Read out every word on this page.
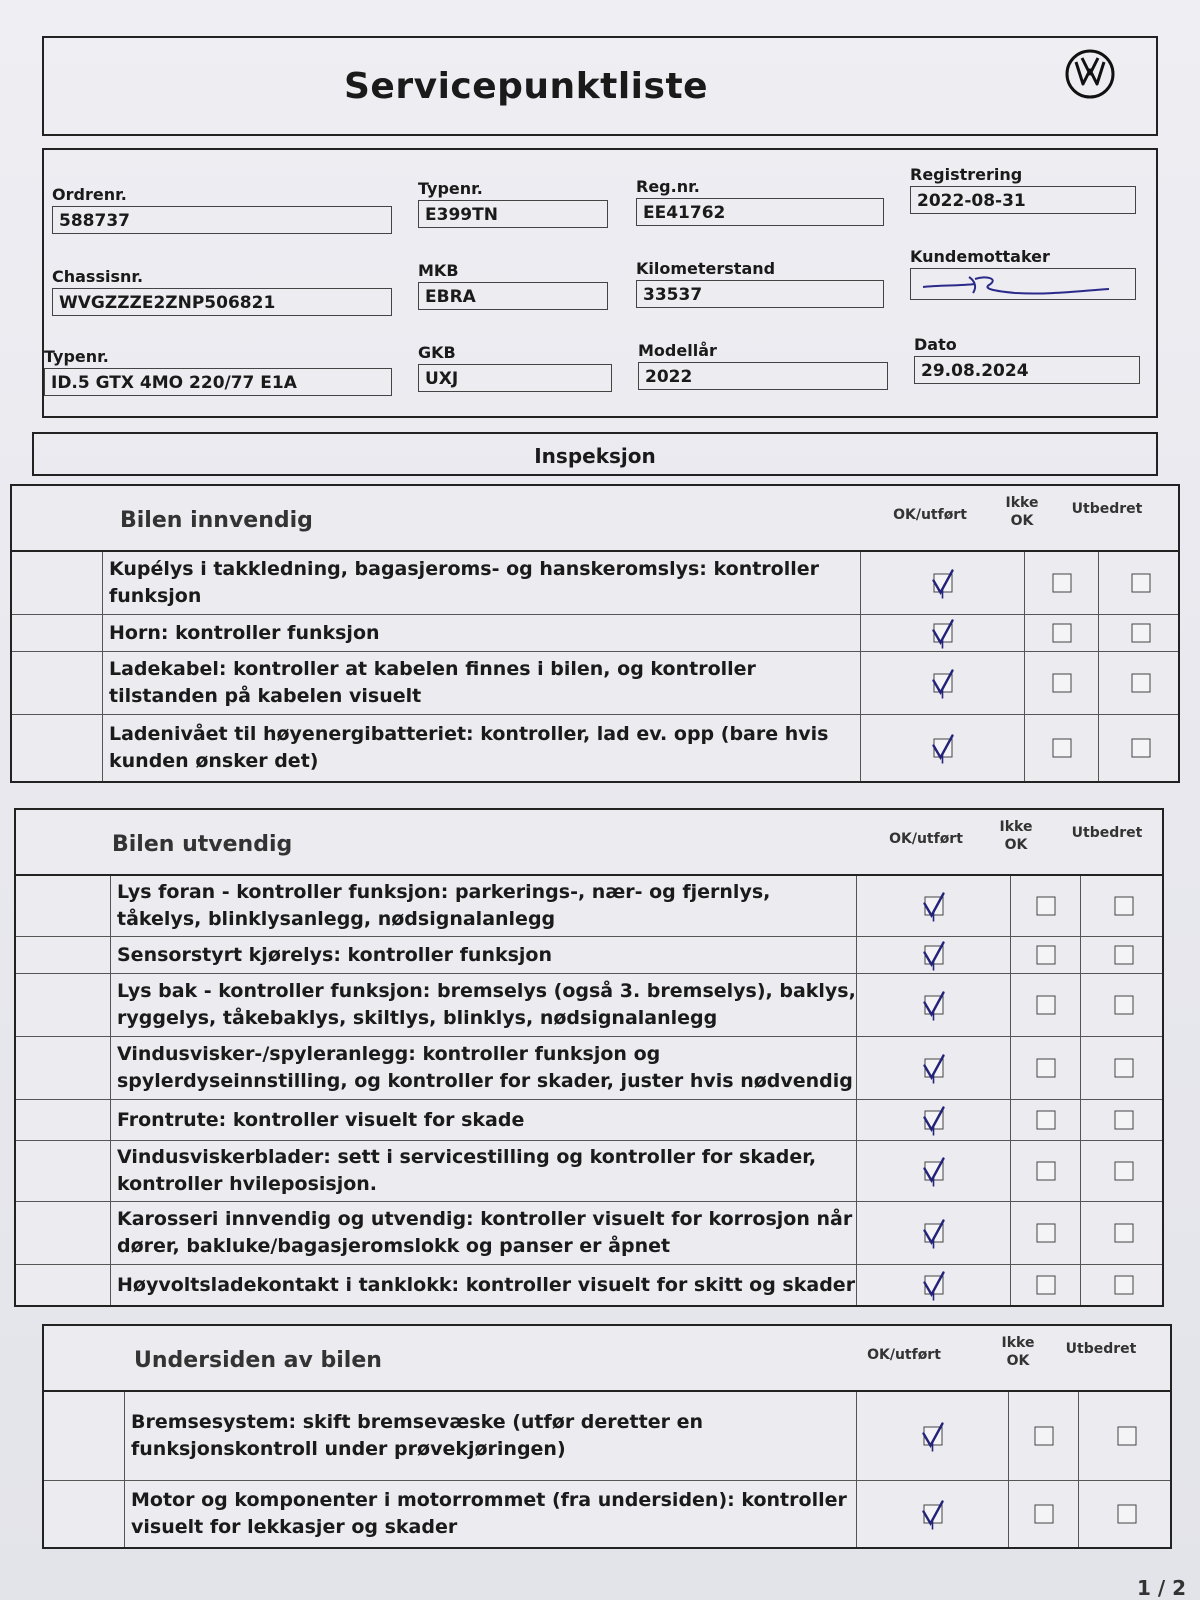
Servicepunktliste
Ordrenr.
588737
Typenr.
E399TN
Reg.nr.
EE41762
Registrering
2022-08-31
Chassisnr.
WVGZZZE2ZNP506821
MKB
EBRA
Kilometerstand
33537
Kundemottaker
Typenr.
ID.5 GTX 4MO 220/77 E1A
GKB
UXJ
Modellår
2022
Dato
29.08.2024
Inspeksjon
Bilen innvendig	OK/utført
Ikke
OK
Utbedret
Kupélys i takkledning, bagasjeroms- og hanskeromslys: kontroller funksjon
Horn: kontroller funksjon
Ladekabel: kontroller at kabelen finnes i bilen, og kontroller tilstanden på kabelen visuelt
Ladenivået til høyenergibatteriet: kontroller, lad ev. opp (bare hvis kunden ønsker det)
Bilen utvendig	OK/utført
Ikke
OK
Utbedret
Lys foran - kontroller funksjon: parkerings-, nær- og fjernlys, tåkelys, blinklysanlegg, nødsignalanlegg
Sensorstyrt kjørelys: kontroller funksjon
Lys bak - kontroller funksjon: bremselys (også 3. bremselys), baklys, ryggelys, tåkebaklys, skiltlys, blinklys, nødsignalanlegg
Vindusvisker-/spyleranlegg: kontroller funksjon og spylerdyseinnstilling, og kontroller for skader, juster hvis nødvendig
Frontrute: kontroller visuelt for skade
Vindusviskerblader: sett i servicestilling og kontroller for skader, kontroller hvileposisjon.
Karosseri innvendig og utvendig: kontroller visuelt for korrosjon når dører, bakluke/bagasjeromslokk og panser er åpnet
Høyvoltsladekontakt i tanklokk: kontroller visuelt for skitt og skader
Undersiden av bilen	OK/utført
Ikke
OK
Utbedret
Bremsesystem: skift bremsevæske (utfør deretter en funksjonskontroll under prøvekjøringen)
Motor og komponenter i motorrommet (fra undersiden): kontroller visuelt for lekkasjer og skader
1 / 2
